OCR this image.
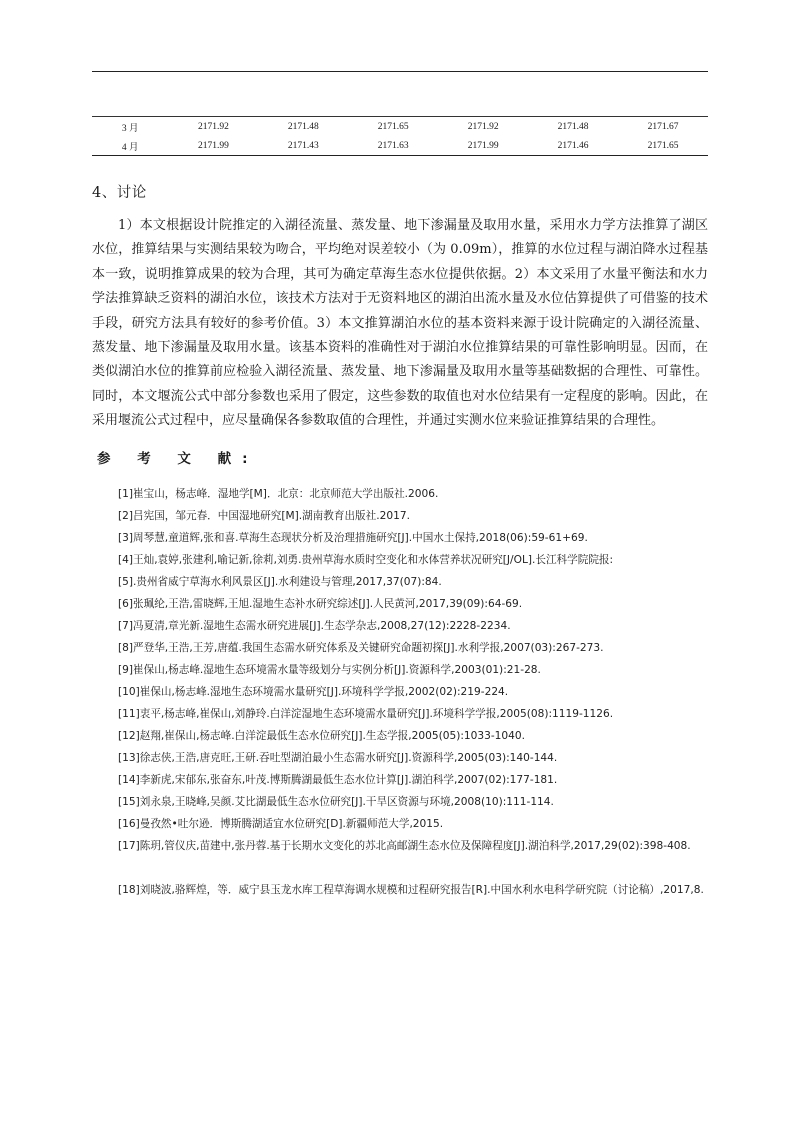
3 月	2171.92	2171.48	2171.65	2171.92	2171.48	2171.67
4 月	2171.99	2171.43	2171.63	2171.99	2171.46	2171.65
4、讨论

1）本文根据设计院推定的入湖径流量、蒸发量、地下渗漏量及取用水量，采用水力学方法推算了湖区水位，推算结果与实测结果较为吻合，平均绝对误差较小（为 0.09m），推算的水位过程与湖泊降水过程基本一致，说明推算成果的较为合理，其可为确定草海生态水位提供依据。2）本文采用了水量平衡法和水力学法推算缺乏资料的湖泊水位，该技术方法对于无资料地区的湖泊出流水量及水位估算提供了可借鉴的技术手段，研究方法具有较好的参考价值。3）本文推算湖泊水位的基本资料来源于设计院确定的入湖径流量、蒸发量、地下渗漏量及取用水量。该基本资料的准确性对于湖泊水位推算结果的可靠性影响明显。因而，在类似湖泊水位的推算前应检验入湖径流量、蒸发量、地下渗漏量及取用水量等基础数据的合理性、可靠性。同时，本文堰流公式中部分参数也采用了假定，这些参数的取值也对水位结果有一定程度的影响。因此，在采用堰流公式过程中，应尽量确保各参数取值的合理性，并通过实测水位来验证推算结果的合理性。

参 考 文 献:
[1]崔宝山，杨志峰．湿地学[M]．北京：北京师范大学出版社.2006.
[2]吕宪国，邹元春．中国湿地研究[M].湖南教育出版社.2017.
[3]周琴慧,童道辉,张和喜.草海生态现状分析及治理措施研究[J].中国水土保持,2018(06):59-61+69.
[4]王灿,袁婷,张建利,喻记新,徐莉,刘勇.贵州草海水质时空变化和水体营养状况研究[J/OL].长江科学院院报:
[5].贵州省威宁草海水利风景区[J].水利建设与管理,2017,37(07):84.
[6]张珮纶,王浩,雷晓辉,王旭.湿地生态补水研究综述[J].人民黄河,2017,39(09):64-69.
[7]冯夏清,章光新.湿地生态需水研究进展[J].生态学杂志,2008,27(12):2228-2234.
[8]严登华,王浩,王芳,唐蕴.我国生态需水研究体系及关键研究命题初探[J].水利学报,2007(03):267-273.
[9]崔保山,杨志峰.湿地生态环境需水量等级划分与实例分析[J].资源科学,2003(01):21-28.
[10]崔保山,杨志峰.湿地生态环境需水量研究[J].环境科学学报,2002(02):219-224.
[11]衷平,杨志峰,崔保山,刘静玲.白洋淀湿地生态环境需水量研究[J].环境科学学报,2005(08):1119-1126.
[12]赵翔,崔保山,杨志峰.白洋淀最低生态水位研究[J].生态学报,2005(05):1033-1040.
[13]徐志侠,王浩,唐克旺,王研.吞吐型湖泊最小生态需水研究[J].资源科学,2005(03):140-144.
[14]李新虎,宋郁东,张奋东,叶茂.博斯腾湖最低生态水位计算[J].湖泊科学,2007(02):177-181.
[15]刘永泉,王晓峰,吴颜.艾比湖最低生态水位研究[J].干旱区资源与环境,2008(10):111-114.
[16]曼孜然•吐尔逊．博斯腾湖适宜水位研究[D].新疆师范大学,2015.
[17]陈玥,管仪庆,苗建中,张丹蓉.基于长期水文变化的苏北高邮湖生态水位及保障程度[J].湖泊科学,2017,29(02):398-408.
[18]刘晓波,骆辉煌，等．威宁县玉龙水库工程草海调水规模和过程研究报告[R].中国水利水电科学研究院（讨论稿）,2017,8.
